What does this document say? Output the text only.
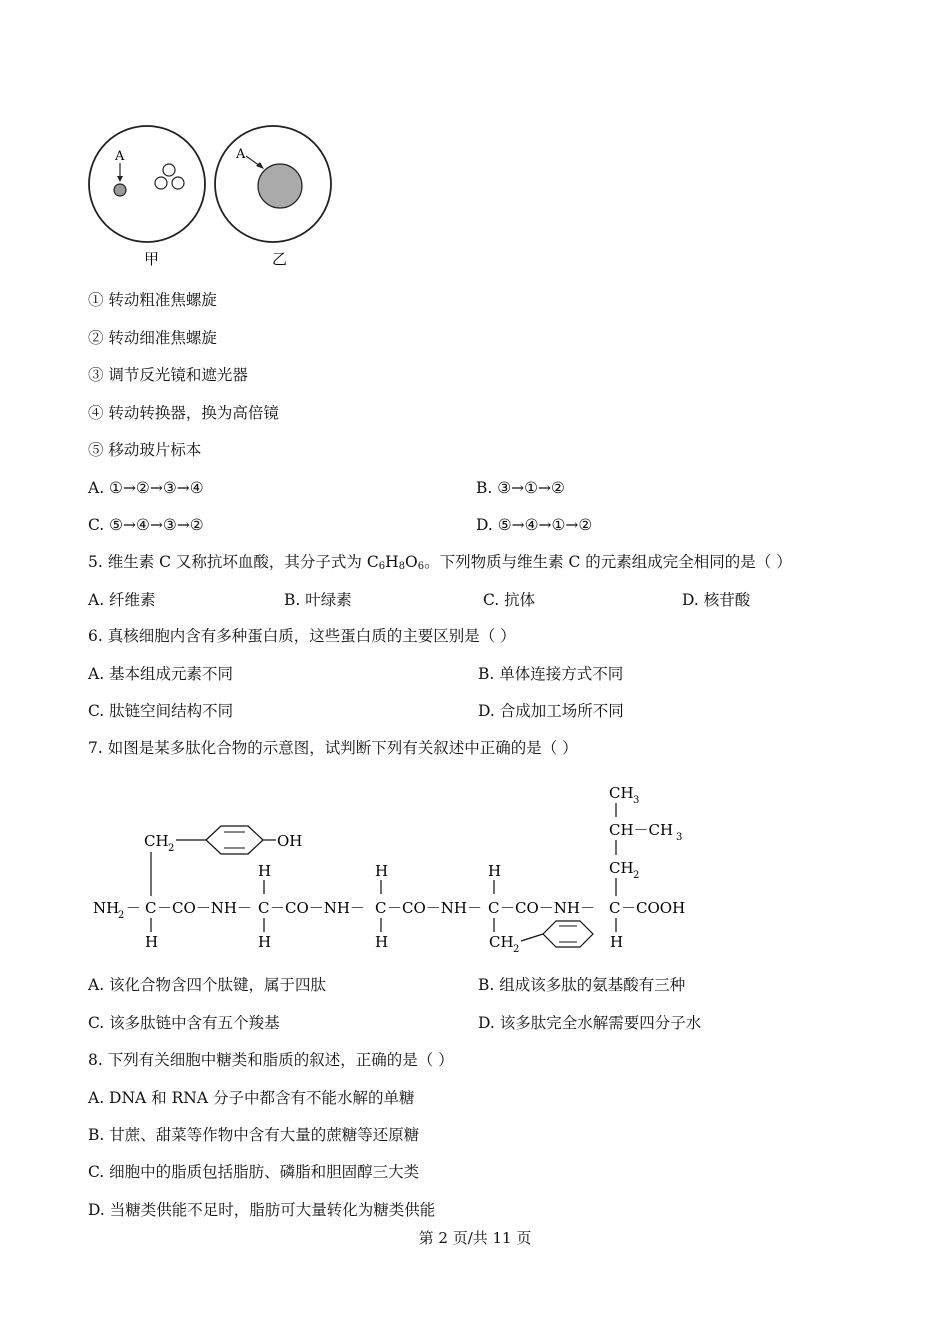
A	A
甲	乙
① 转动粗准焦螺旋
② 转动细准焦螺旋
③ 调节反光镜和遮光器
④ 转动转换器，换为高倍镜
⑤ 移动玻片标本
A. ①→②→③→④	B. ③→①→②
C. ⑤→④→③→②	D. ⑤→④→①→②
5. 维生素 C 又称抗坏血酸，其分子式为 $C_6H_8O_6$。下列物质与维生素 C 的元素组成完全相同的是（ ）
A. 纤维素	B. 叶绿素	C. 抗体	D. 核苷酸
6. 真核细胞内含有多种蛋白质，这些蛋白质的主要区别是（ ）
A. 基本组成元素不同	B. 单体连接方式不同
C. 肽链空间结构不同	D. 合成加工场所不同
7. 如图是某多肽化合物的示意图，试判断下列有关叙述中正确的是（ ）
CH 2	OH
CH 3
CH－CH 3
CH 2
H	H	H
NH
2 － C －CO－NH－ C －CO－NH－ C －CO－NH－ C －CO－NH－ C －COOH
H	H	H	CH 2	H
A. 该化合物含四个肽键，属于四肽	B. 组成该多肽的氨基酸有三种
C. 该多肽链中含有五个羧基	D. 该多肽完全水解需要四分子水
8. 下列有关细胞中糖类和脂质的叙述，正确的是（ ）
A. DNA 和 RNA 分子中都含有不能水解的单糖
B. 甘蔗、甜菜等作物中含有大量的蔗糖等还原糖
C. 细胞中的脂质包括脂肪、磷脂和胆固醇三大类
D. 当糖类供能不足时，脂肪可大量转化为糖类供能
第 2 页/共 11 页
